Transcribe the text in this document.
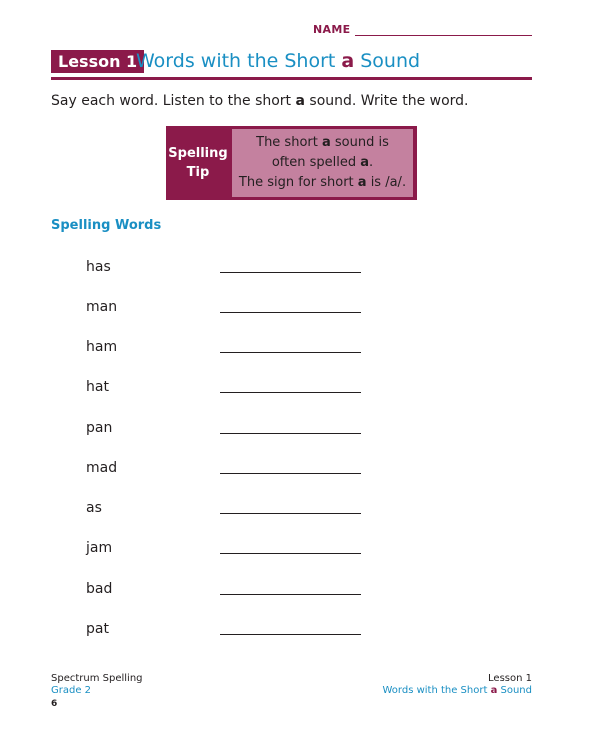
NAME
Lesson 1
Words with the Short a Sound
Say each word. Listen to the short a sound. Write the word.
Spelling
Tip
The short a sound is
often spelled a.
The sign for short a is /a/.
Spelling Words
has
man
ham
hat
pan
mad
as
jam
bad
pat
Spectrum Spelling
Grade 2
6
Lesson 1
Words with the Short a Sound
